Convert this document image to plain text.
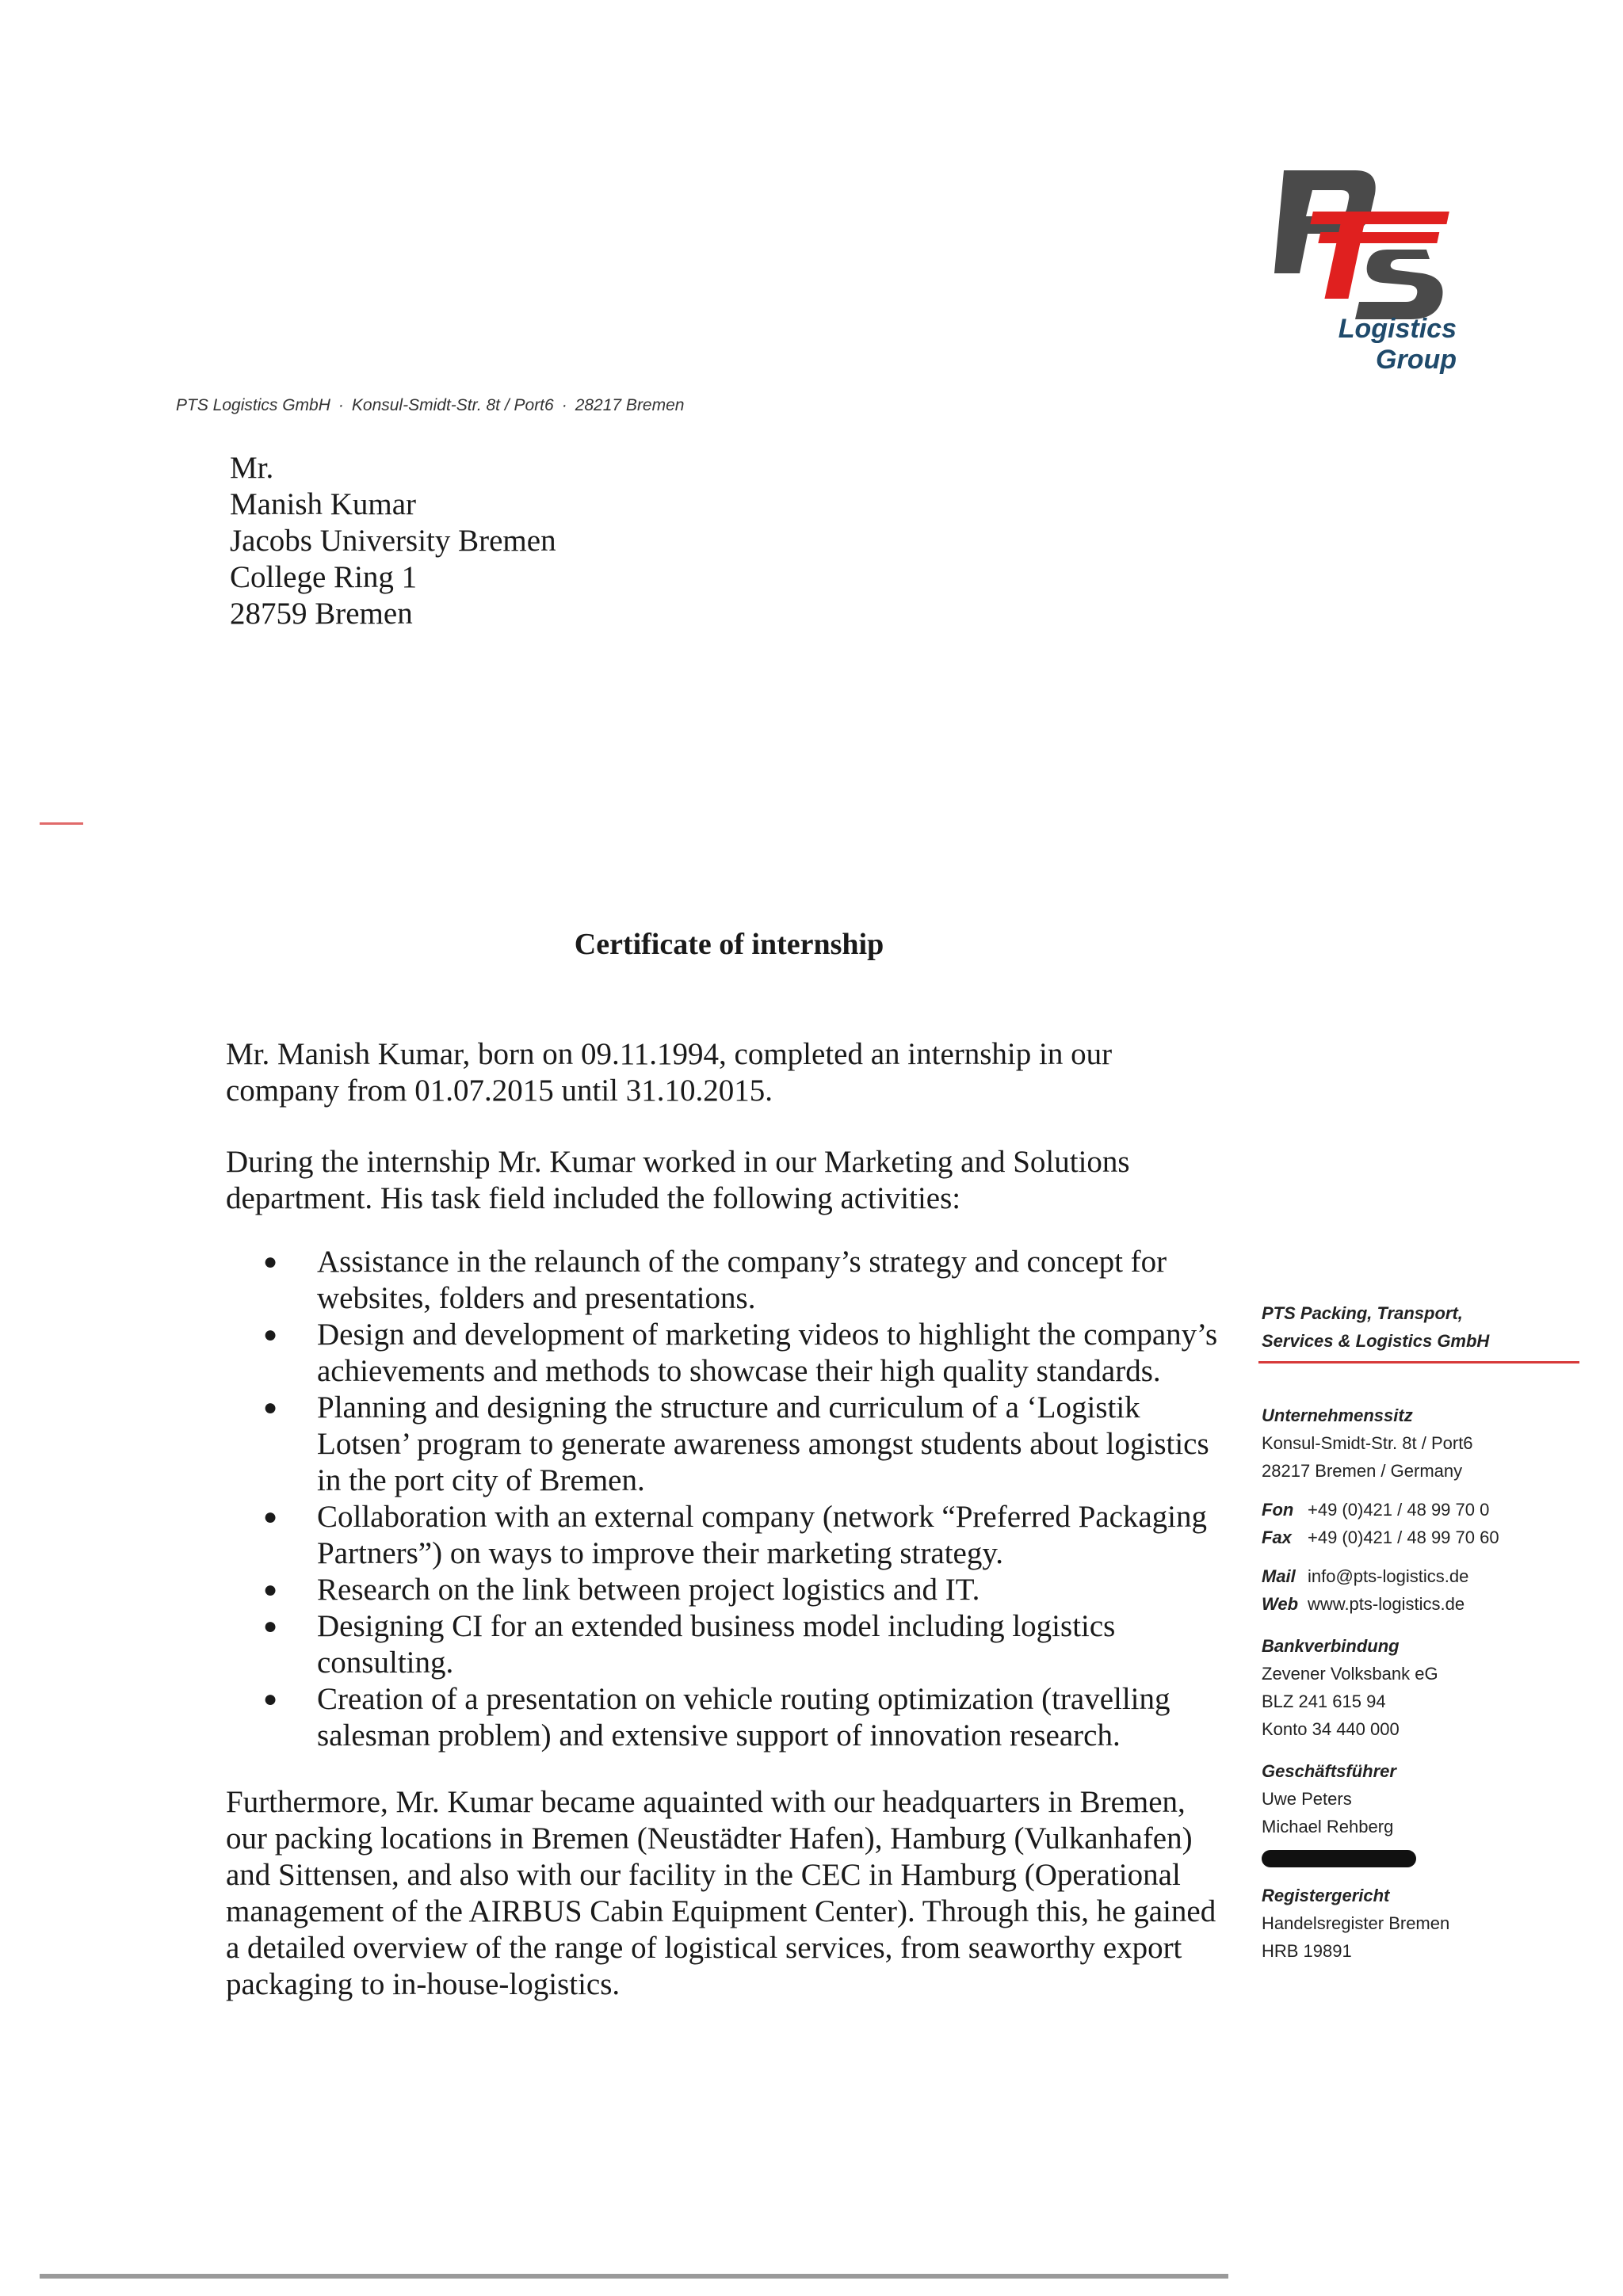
Logistics Group
PTS Logistics GmbH · Konsul-Smidt-Str. 8t / Port6 · 28217 Bremen
Mr.
Manish Kumar
Jacobs University Bremen
College Ring 1
28759 Bremen
Certificate of internship

Mr. Manish Kumar, born on 09.11.1994, completed an internship in our company from 01.07.2015 until 31.10.2015.

During the internship Mr. Kumar worked in our Marketing and Solutions department. His task field included the following activities:

● Assistance in the relaunch of the company’s strategy and concept for websites, folders and presentations.
● Design and development of marketing videos to highlight the company’s achievements and methods to showcase their high quality standards.
● Planning and designing the structure and curriculum of a ‘Logistik Lotsen’ program to generate awareness amongst students about logistics in the port city of Bremen.
● Collaboration with an external company (network “Preferred Packaging Partners”) on ways to improve their marketing strategy.
● Research on the link between project logistics and IT.
● Designing CI for an extended business model including logistics consulting.
● Creation of a presentation on vehicle routing optimization (travelling salesman problem) and extensive support of innovation research.

Furthermore, Mr. Kumar became aquainted with our headquarters in Bremen, our packing locations in Bremen (Neustädter Hafen), Hamburg (Vulkanhafen) and Sittensen, and also with our facility in the CEC in Hamburg (Operational management of the AIRBUS Cabin Equipment Center). Through this, he gained a detailed overview of the range of logistical services, from seaworthy export packaging to in-house-logistics.

PTS Packing, Transport,
Services & Logistics GmbH
Unternehmenssitz
Konsul-Smidt-Str. 8t / Port6
28217 Bremen / Germany
Fon +49 (0)421 / 48 99 70 0
Fax +49 (0)421 / 48 99 70 60
Mail info@pts-logistics.de
Web www.pts-logistics.de
Bankverbindung
Zevener Volksbank eG
BLZ 241 615 94
Konto 34 440 000
Geschäftsführer
Uwe Peters
Michael Rehberg
Registergericht
Handelsregister Bremen
HRB 19891
